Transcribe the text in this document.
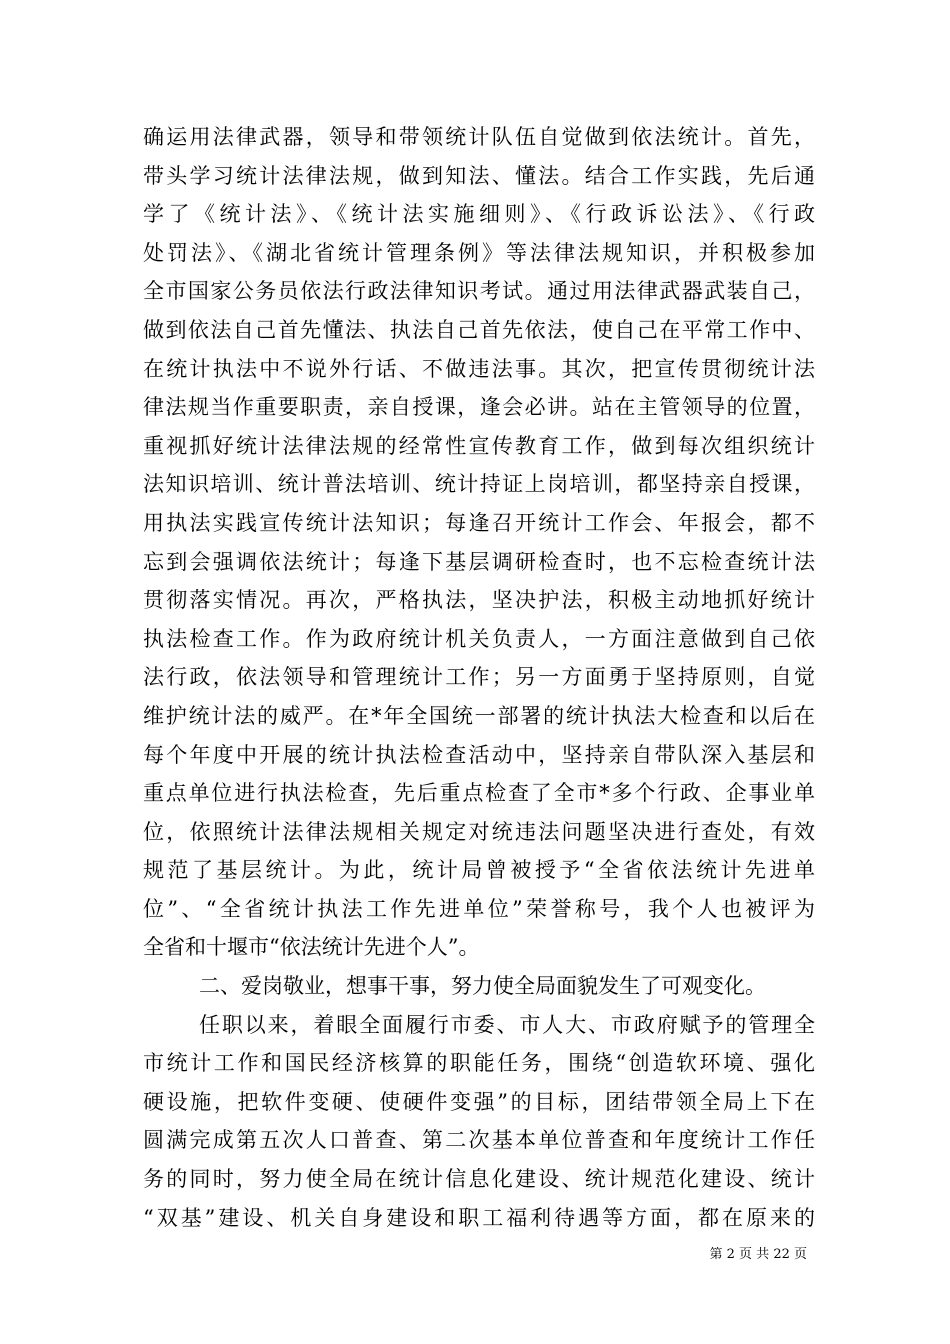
确运用法律武器，领导和带领统计队伍自觉做到依法统计。首先，
带头学习统计法律法规，做到知法、懂法。结合工作实践，先后通
学了《统计法》、《统计法实施细则》、《行政诉讼法》、《行政
处罚法》、《湖北省统计管理条例》等法律法规知识，并积极参加
全市国家公务员依法行政法律知识考试。通过用法律武器武装自己，
做到依法自己首先懂法、执法自己首先依法，使自己在平常工作中、
在统计执法中不说外行话、不做违法事。其次，把宣传贯彻统计法
律法规当作重要职责，亲自授课，逢会必讲。站在主管领导的位置，
重视抓好统计法律法规的经常性宣传教育工作，做到每次组织统计
法知识培训、统计普法培训、统计持证上岗培训，都坚持亲自授课，
用执法实践宣传统计法知识；每逢召开统计工作会、年报会，都不
忘到会强调依法统计；每逢下基层调研检查时，也不忘检查统计法
贯彻落实情况。再次，严格执法，坚决护法，积极主动地抓好统计
执法检查工作。作为政府统计机关负责人，一方面注意做到自己依
法行政，依法领导和管理统计工作；另一方面勇于坚持原则，自觉
维护统计法的威严。在*年全国统一部署的统计执法大检查和以后在
每个年度中开展的统计执法检查活动中，坚持亲自带队深入基层和
重点单位进行执法检查，先后重点检查了全市*多个行政、企事业单
位，依照统计法律法规相关规定对统违法问题坚决进行查处，有效
规范了基层统计。为此，统计局曾被授予“全省依法统计先进单
位”、“全省统计执法工作先进单位”荣誉称号，我个人也被评为
全省和十堰市“依法统计先进个人”。
二、爱岗敬业，想事干事，努力使全局面貌发生了可观变化。
任职以来，着眼全面履行市委、市人大、市政府赋予的管理全
市统计工作和国民经济核算的职能任务，围绕“创造软环境、强化
硬设施，把软件变硬、使硬件变强”的目标，团结带领全局上下在
圆满完成第五次人口普查、第二次基本单位普查和年度统计工作任
务的同时，努力使全局在统计信息化建设、统计规范化建设、统计
“双基”建设、机关自身建设和职工福利待遇等方面，都在原来的
第 2 页 共 22 页
